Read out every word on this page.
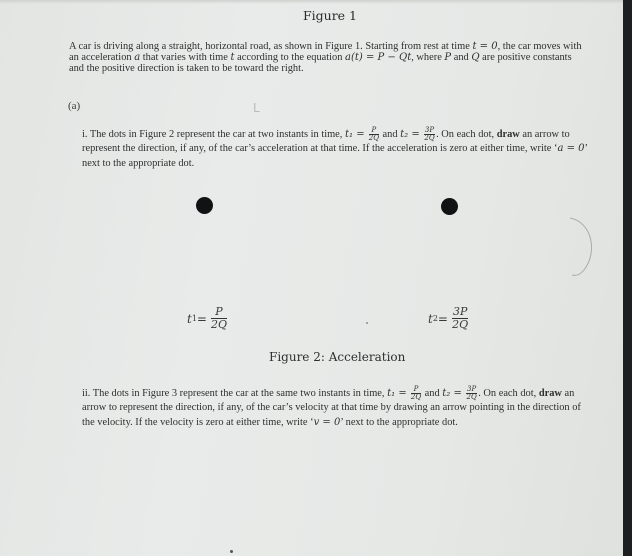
Figure 1
A car is driving along a straight, horizontal road, as shown in Figure 1. Starting from rest at time t = 0, the car moves with an acceleration a that varies with time t according to the equation a(t) = P − Qt, where P and Q are positive constants and the positive direction is taken to be toward the right.
(a)	L
i. The dots in Figure 2 represent the car at two instants in time, $t_1 = \frac{P}{2Q}$ and $t_2 = \frac{3P}{2Q}$ . On each dot, draw an arrow to represent the direction, if any, of the car’s acceleration at that time. If the acceleration is zero at either time, write ‘a = 0’ next to the appropriate dot.
t $1 = \frac{P}{2Q}$	t $2 = \frac{3P}{2Q}$
Figure 2: Acceleration
ii. The dots in Figure 3 represent the car at the same two instants in time, $t_1 = \frac{P}{2Q}$ and $t_2 = \frac{3P}{2Q}$ . On each dot, draw an arrow to represent the direction, if any, of the car’s velocity at that time by drawing an arrow pointing in the direction of the velocity. If the velocity is zero at either time, write ‘v = 0’ next to the appropriate dot.
